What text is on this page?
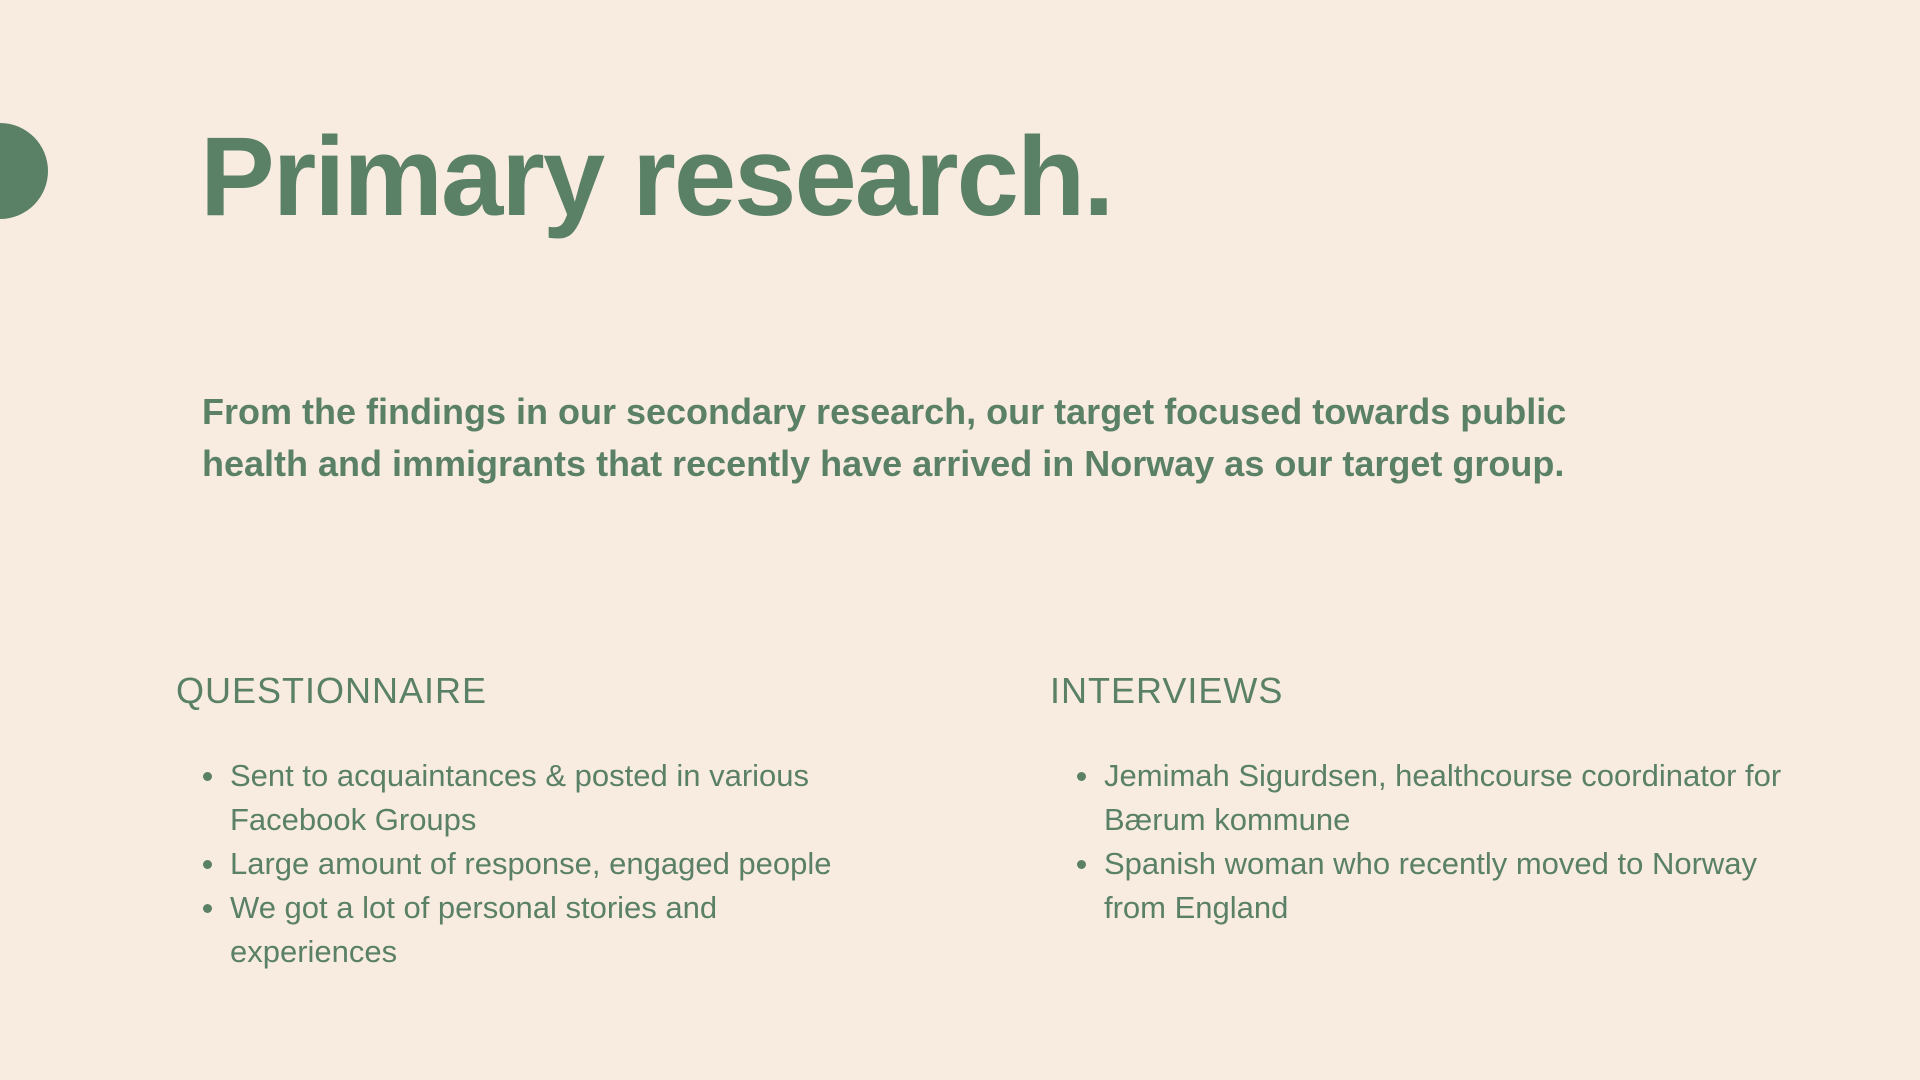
Primary research.

From the findings in our secondary research, our target focused towards public health and immigrants that recently have arrived in Norway as our target group.

QUESTIONNAIRE
Sent to acquaintances & posted in various Facebook Groups
Large amount of response, engaged people
We got a lot of personal stories and experiences
INTERVIEWS
Jemimah Sigurdsen, healthcourse coordinator for Bærum kommune
Spanish woman who recently moved to Norway from England
